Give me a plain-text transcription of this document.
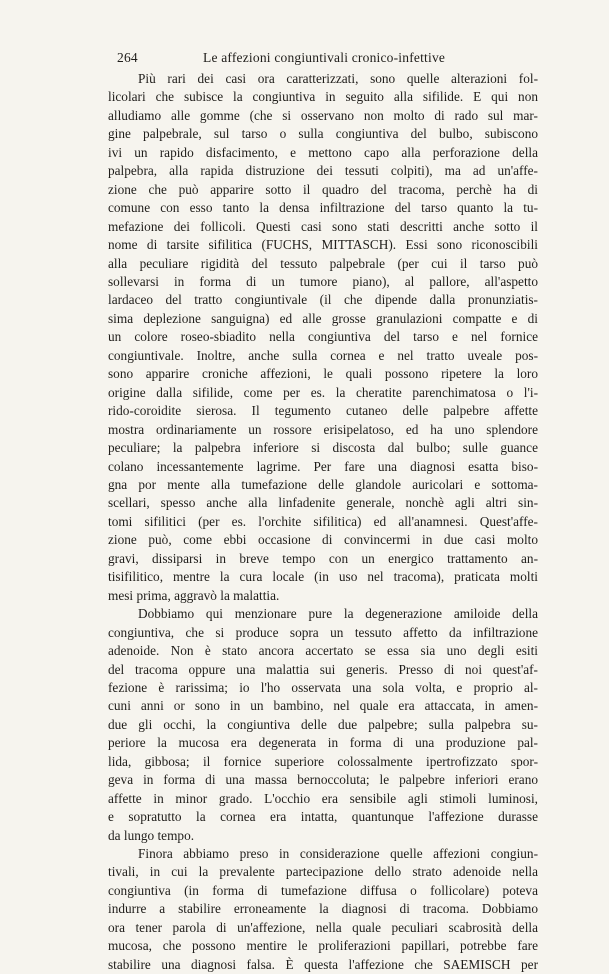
264	Le affezioni congiuntivali cronico-infettive

Più rari dei casi ora caratterizzati, sono quelle alterazioni fol-
licolari che subisce la congiuntiva in seguito alla sifilide. E qui non
alludiamo alle gomme (che si osservano non molto di rado sul mar-
gine palpebrale, sul tarso o sulla congiuntiva del bulbo, subiscono
ivi un rapido disfacimento, e mettono capo alla perforazione della
palpebra, alla rapida distruzione dei tessuti colpiti), ma ad un'affe-
zione che può apparire sotto il quadro del tracoma, perchè ha di
comune con esso tanto la densa infiltrazione del tarso quanto la tu-
mefazione dei follicoli. Questi casi sono stati descritti anche sotto il
nome di tarsite sifilitica (FUCHS, MITTASCH). Essi sono riconoscibili
alla peculiare rigidità del tessuto palpebrale (per cui il tarso può
sollevarsi in forma di un tumore piano), al pallore, all'aspetto
lardaceo del tratto congiuntivale (il che dipende dalla pronunziatis-
sima deplezione sanguigna) ed alle grosse granulazioni compatte e di
un colore roseo-sbiadito nella congiuntiva del tarso e nel fornice
congiuntivale. Inoltre, anche sulla cornea e nel tratto uveale pos-
sono apparire croniche affezioni, le quali possono ripetere la loro
origine dalla sifilide, come per es. la cheratite parenchimatosa o l'i-
rido-coroidite sierosa. Il tegumento cutaneo delle palpebre affette
mostra ordinariamente un rossore erisipelatoso, ed ha uno splendore
peculiare; la palpebra inferiore si discosta dal bulbo; sulle guance
colano incessantemente lagrime. Per fare una diagnosi esatta biso-
gna por mente alla tumefazione delle glandole auricolari e sottoma-
scellari, spesso anche alla linfadenite generale, nonchè agli altri sin-
tomi sifilitici (per es. l'orchite sifilitica) ed all'anamnesi. Quest'affe-
zione può, come ebbi occasione di convincermi in due casi molto
gravi, dissiparsi in breve tempo con un energico trattamento an-
tisifilitico, mentre la cura locale (in uso nel tracoma), praticata molti
mesi prima, aggravò la malattia.

Dobbiamo qui menzionare pure la degenerazione amiloide della
congiuntiva, che si produce sopra un tessuto affetto da infiltrazione
adenoide. Non è stato ancora accertato se essa sia uno degli esiti
del tracoma oppure una malattia sui generis. Presso di noi quest'af-
fezione è rarissima; io l'ho osservata una sola volta, e proprio al-
cuni anni or sono in un bambino, nel quale era attaccata, in amen-
due gli occhi, la congiuntiva delle due palpebre; sulla palpebra su-
periore la mucosa era degenerata in forma di una produzione pal-
lida, gibbosa; il fornice superiore colossalmente ipertrofizzato spor-
geva in forma di una massa bernoccoluta; le palpebre inferiori erano
affette in minor grado. L'occhio era sensibile agli stimoli luminosi,
e sopratutto la cornea era intatta, quantunque l'affezione durasse
da lungo tempo.

Finora abbiamo preso in considerazione quelle affezioni congiun-
tivali, in cui la prevalente partecipazione dello strato adenoide nella
congiuntiva (in forma di tumefazione diffusa o follicolare) poteva
indurre a stabilire erroneamente la diagnosi di tracoma. Dobbiamo
ora tener parola di un'affezione, nella quale peculiari scabrosità della
mucosa, che possono mentire le proliferazioni papillari, potrebbe fare
stabilire una diagnosi falsa. È questa l'affezione che SAEMISCH per
